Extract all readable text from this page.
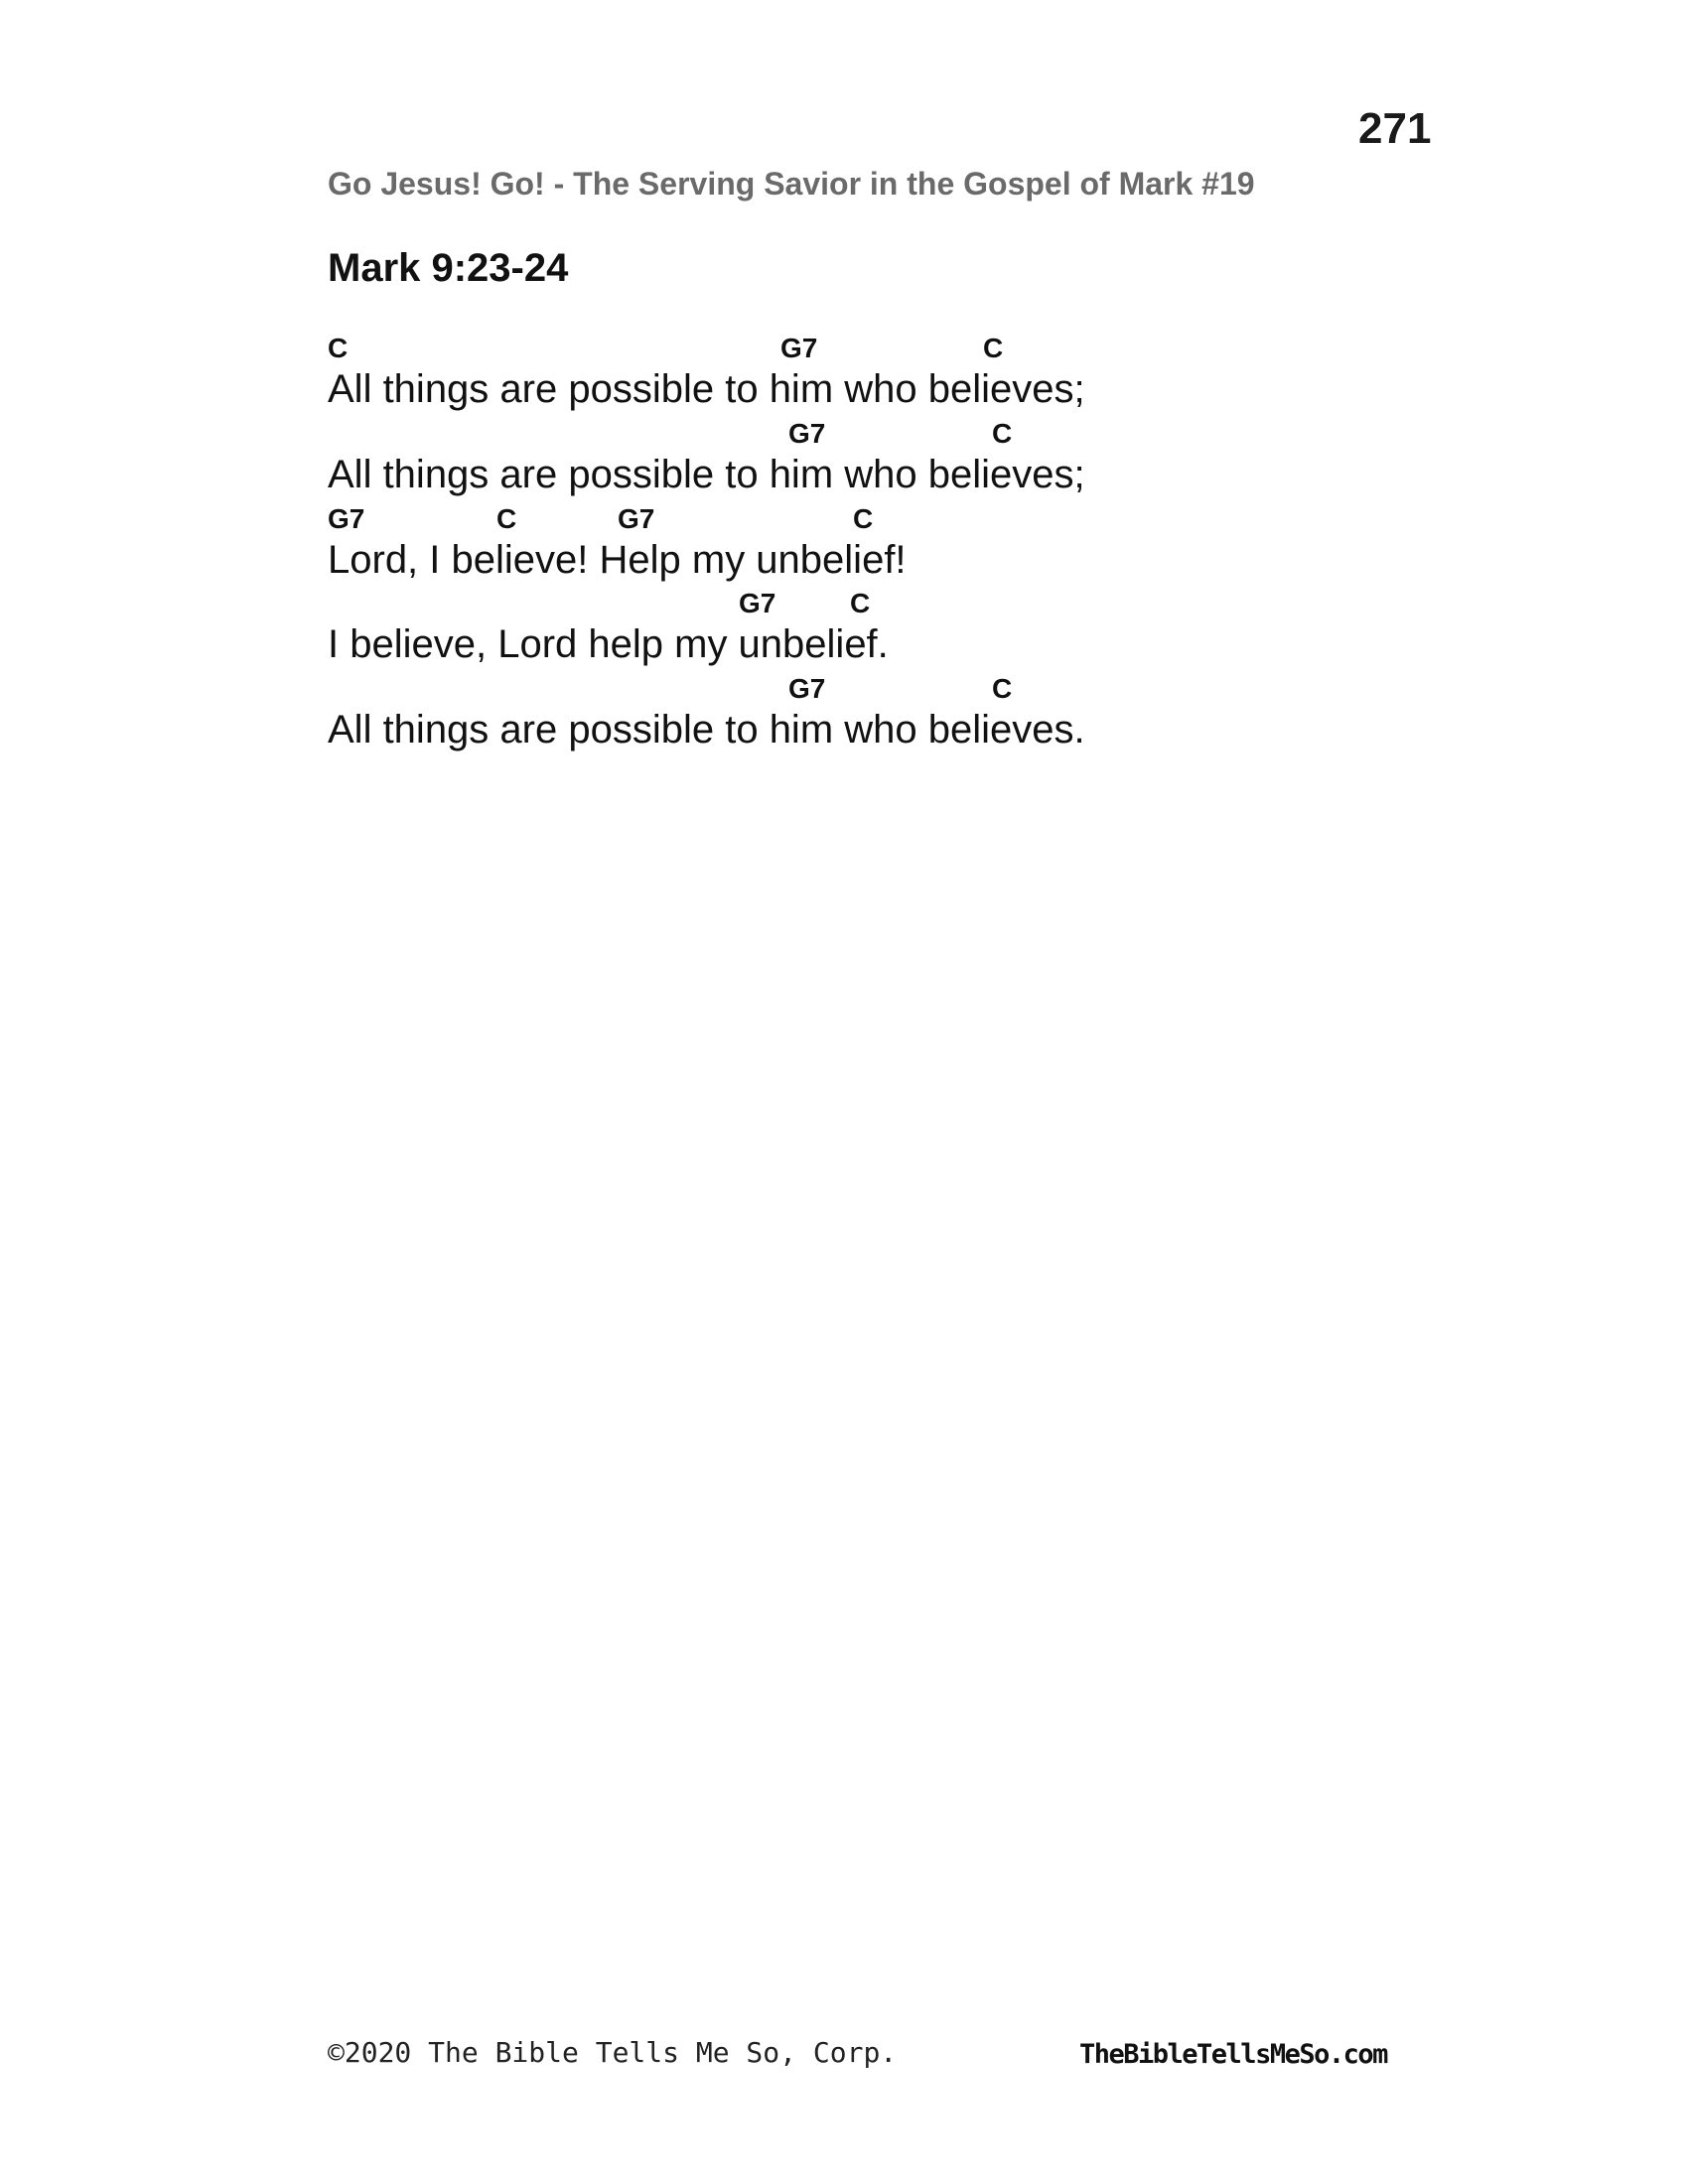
271
Go Jesus! Go! - The Serving Savior in the Gospel of Mark #19
Mark 9:23-24
C	G7	C
All things are possible to him who believes;
G7	C
All things are possible to him who believes;
G7	C	G7	C
Lord, I believe! Help my unbelief!
G7	C
I believe, Lord help my unbelief.
G7	C
All things are possible to him who believes.
©2020 The Bible Tells Me So, Corp.	TheBibleTellsMeSo.com
